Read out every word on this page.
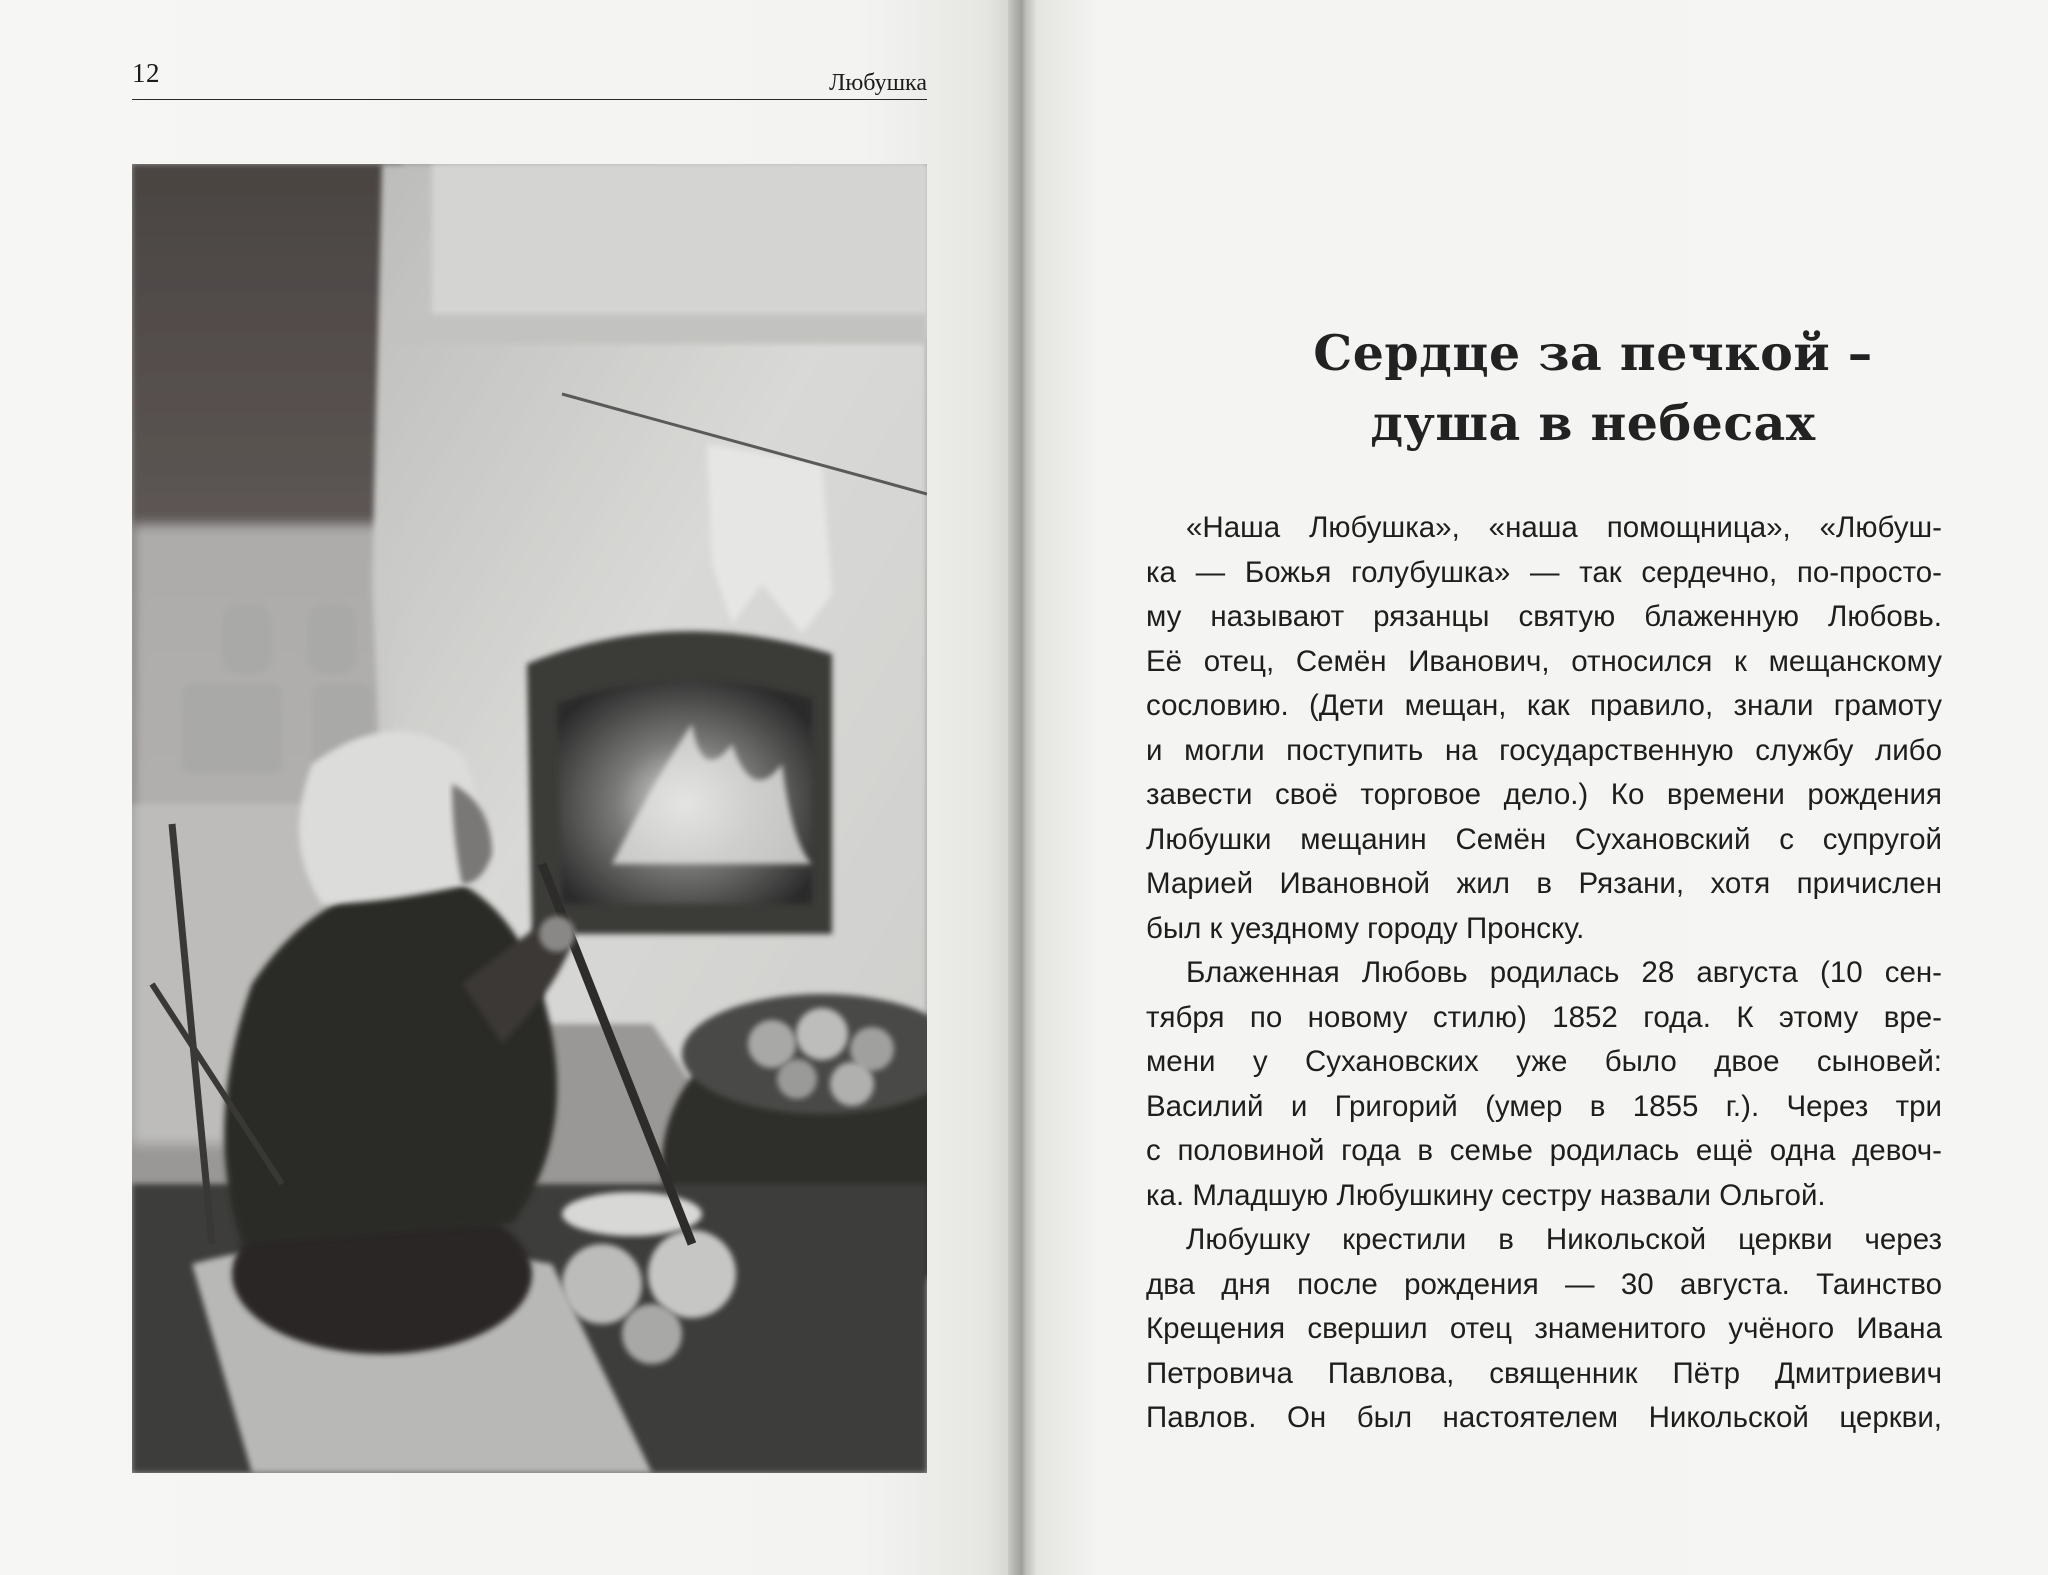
12	Любушка
Сердце за печкой –
душа в небесах
«Наша Любушка», «наша помощница», «Любуш-
ка — Божья голубушка» — так сердечно, по-просто-
му называют рязанцы святую блаженную Любовь.
Её отец, Семён Иванович, относился к мещанскому
сословию. (Дети мещан, как правило, знали грамоту
и могли поступить на государственную службу либо
завести своё торговое дело.) Ко времени рождения
Любушки мещанин Семён Сухановский с супругой
Марией Ивановной жил в Рязани, хотя причислен
был к уездному городу Пронску.
Блаженная Любовь родилась 28 августа (10 сен-
тября по новому стилю) 1852 года. К этому вре-
мени у Сухановских уже было двое сыновей:
Василий и Григорий (умер в 1855 г.). Через три
с половиной года в семье родилась ещё одна девоч-
ка. Младшую Любушкину сестру назвали Ольгой.
Любушку крестили в Никольской церкви через
два дня после рождения — 30 августа. Таинство
Крещения свершил отец знаменитого учёного Ивана
Петровича Павлова, священник Пётр Дмитриевич
Павлов. Он был настоятелем Никольской церкви,
